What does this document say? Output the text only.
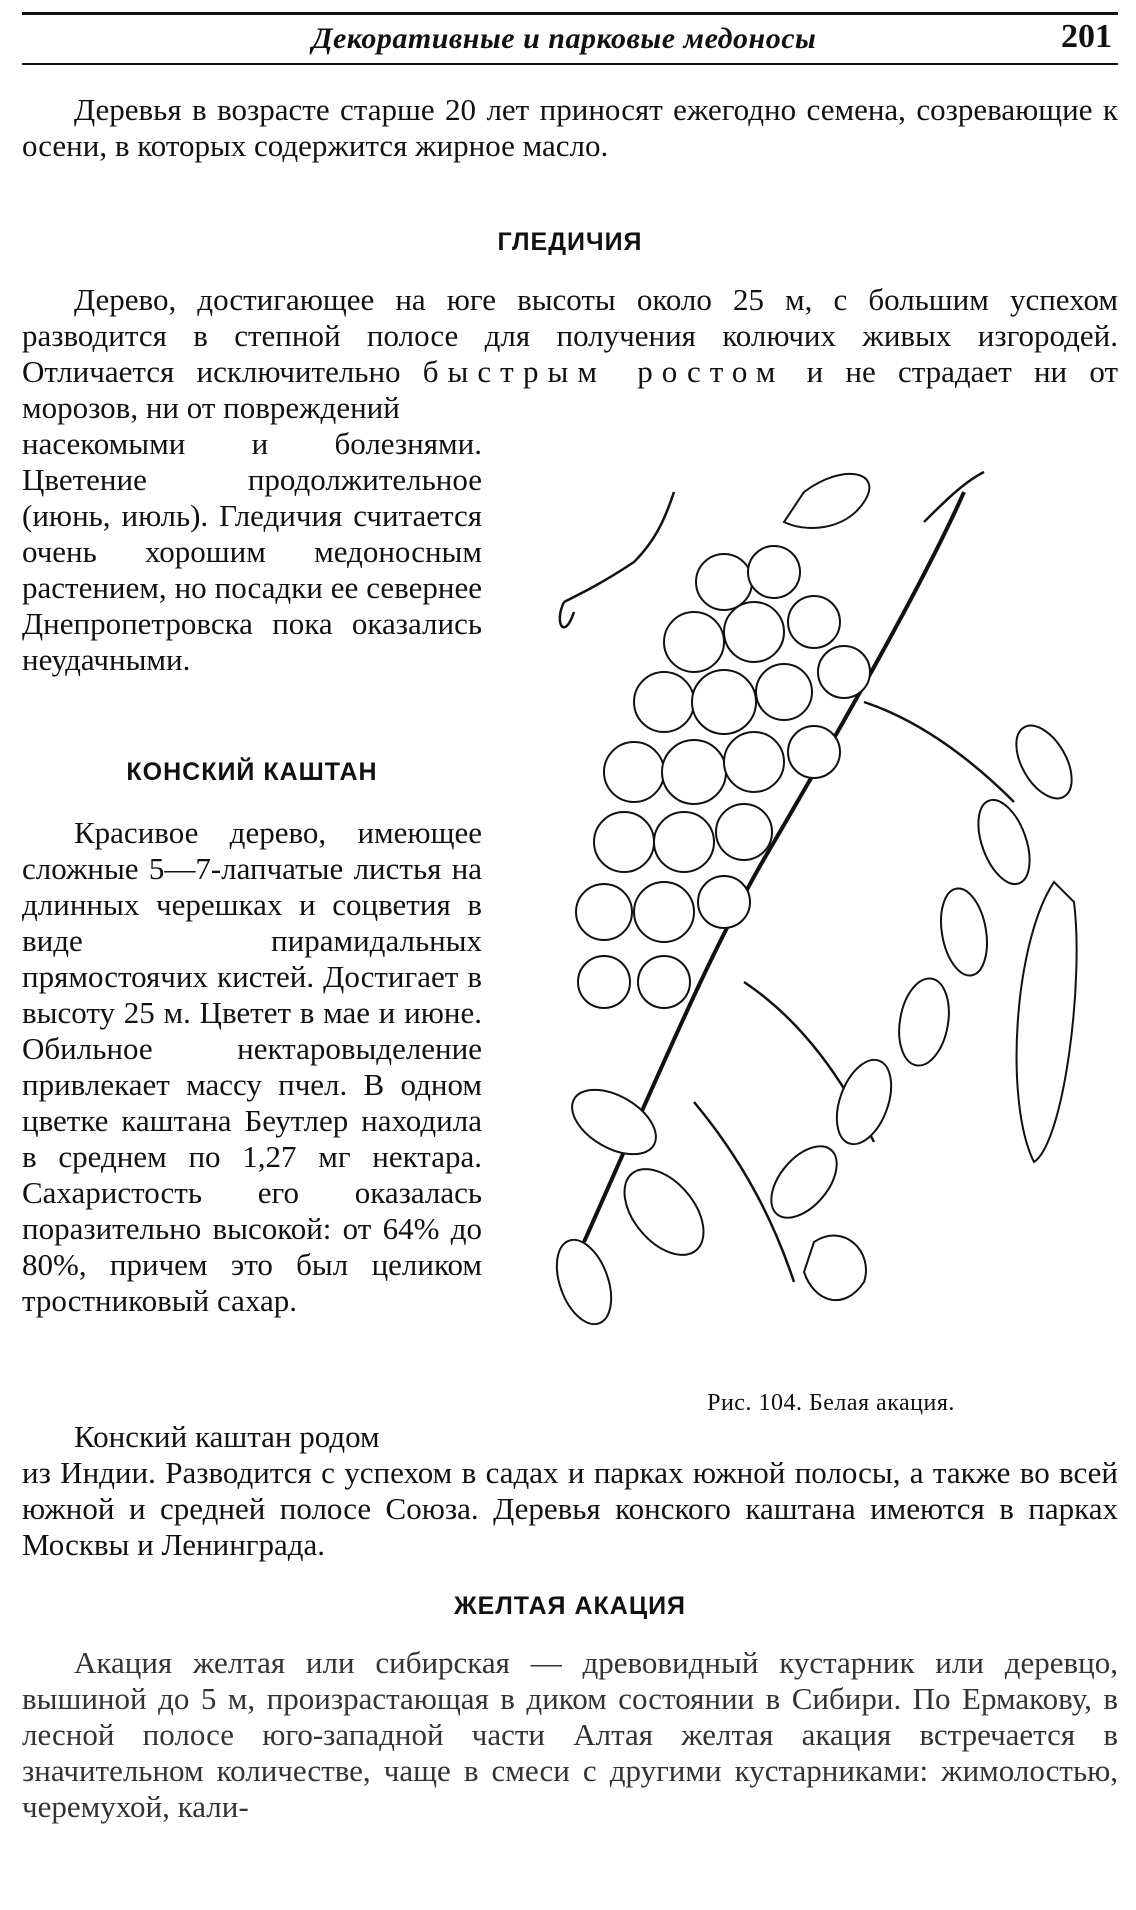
Декоративные и парковые медоносы	201
Деревья в возрасте старше 20 лет приносят ежегодно семена, созревающие к осени, в которых содержится жирное масло.
ГЛЕДИЧИЯ
Дерево, достигающее на юге высоты около 25 м, с большим успехом разводится в степной полосе для получения колючих живых изгородей. Отличается исключительно быстрым ростом и не страдает ни от морозов, ни от повреждений
насекомыми и болезнями. Цветение продолжительное (июнь, июль). Гледичия считается очень хорошим медоносным растением, но посадки ее севернее Днепропетровска пока оказались неудачными.
КОНСКИЙ КАШТАН
Красивое дерево, имеющее сложные 5—7-лапчатые листья на длинных черешках и соцветия в виде пирамидальных прямостоячих кистей. Достигает в высоту 25 м. Цветет в мае и июне. Обильное нектаровыделение привлекает массу пчел. В одном цветке каштана Беутлер находила в среднем по 1,27 мг нектара. Сахаристость его оказалась поразительно высокой: от 64% до 80%, причем это был целиком тростниковый сахар.
Конский каштан родом
из Индии. Разводится с успехом в садах и парках южной полосы, а также во всей южной и средней полосе Союза. Деревья конского каштана имеются в парках Москвы и Ленинграда.
Рис. 104. Белая акация.
ЖЕЛТАЯ АКАЦИЯ
Акация желтая или сибирская — древовидный кустарник или деревцо, вышиной до 5 м, произрастающая в диком состоянии в Сибири. По Ермакову, в лесной полосе юго-западной части Алтая желтая акация встречается в значительном количестве, чаще в смеси с другими кустарниками: жимолостью, черемухой, кали-
